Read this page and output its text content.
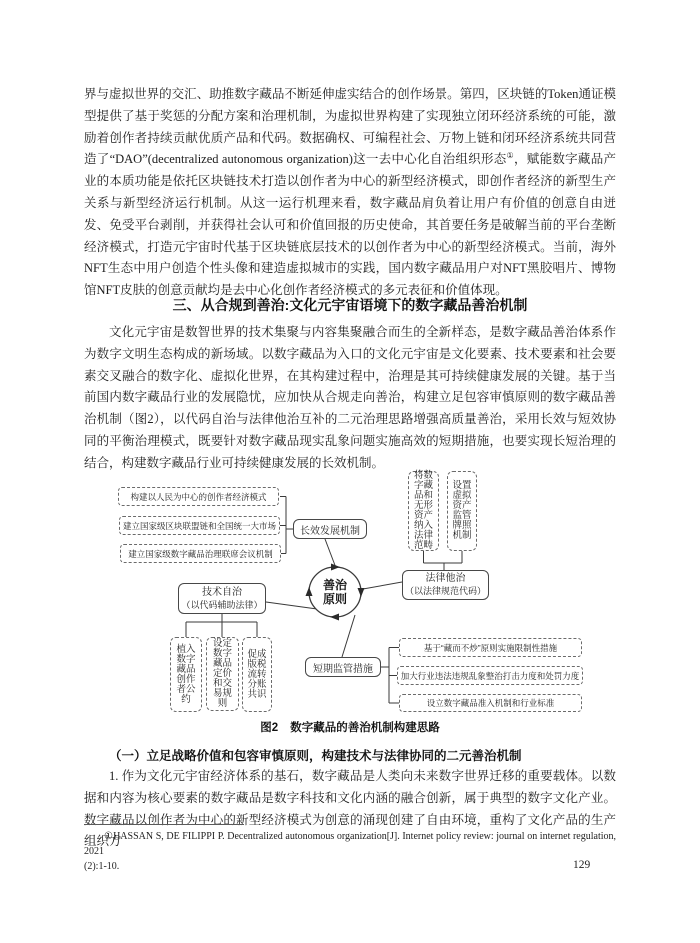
界与虚拟世界的交汇、助推数字藏品不断延伸虚实结合的创作场景。第四，区块链的Token通证模型提供了基于奖惩的分配方案和治理机制，为虚拟世界构建了实现独立闭环经济系统的可能，激励着创作者持续贡献优质产品和代码。数据确权、可编程社会、万物上链和闭环经济系统共同营造了“DAO”(decentralized autonomous organization)这一去中心化自治组织形态①，赋能数字藏品产业的本质功能是依托区块链技术打造以创作者为中心的新型经济模式，即创作者经济的新型生产关系与新型经济运行机制。从这一运行机理来看，数字藏品肩负着让用户有价值的创意自由迸发、免受平台剥削，并获得社会认可和价值回报的历史使命，其首要任务是破解当前的平台垄断经济模式，打造元宇宙时代基于区块链底层技术的以创作者为中心的新型经济模式。当前，海外NFT生态中用户创造个性头像和建造虚拟城市的实践，国内数字藏品用户对NFT黑胶唱片、博物馆NFT皮肤的创意贡献均是去中心化创作者经济模式的多元表征和价值体现。

三、从合规到善治:文化元宇宙语境下的数字藏品善治机制

文化元宇宙是数智世界的技术集聚与内容集聚融合而生的全新样态，是数字藏品善治体系作为数字文明生态构成的新场域。以数字藏品为入口的文化元宇宙是文化要素、技术要素和社会要素交叉融合的数字化、虚拟化世界，在其构建过程中，治理是其可持续健康发展的关键。基于当前国内数字藏品行业的发展隐忧，应加快从合规走向善治，构建立足包容审慎原则的数字藏品善治机制（图2），以代码自治与法律他治互补的二元治理思路增强高质量善治，采用长效与短效协同的平衡治理模式，既要针对数字藏品现实乱象问题实施高效的短期措施，也要实现长短治理的结合，构建数字藏品行业可持续健康发展的长效机制。

善治
原则
构建以人民为中心的创作者经济模式
建立国家级区块联盟链和全国统一大市场
建立国家级数字藏品治理联席会议机制
长效发展机制
将数字藏品和无形资产纳入法律范畴
设置虚拟资产监管牌照机制
法律他治
（以法律规范代码）
技术自治
（以代码辅助法律）
植入数字藏品创作者公约
设定数字藏品定价和交易规则
促成版税流转分账共识
短期监管措施
基于“藏而不炒”原则实施限制性措施
加大行业违法违规乱象整治打击力度和处罚力度
设立数字藏品准入机制和行业标准

图2 数字藏品的善治机制构建思路

（一）立足战略价值和包容审慎原则，构建技术与法律协同的二元善治机制

1. 作为文化元宇宙经济体系的基石，数字藏品是人类向未来数字世界迁移的重要载体。以数据和内容为核心要素的数字藏品是数字科技和文化内涵的融合创新，属于典型的数字文化产业。数字藏品以创作者为中心的新型经济模式为创意的涌现创建了自由环境，重构了文化产品的生产组织方

①HASSAN S, DE FILIPPI P. Decentralized autonomous organization[J]. Internet policy review: journal on internet regulation, 2021
(2):1-10.	129
